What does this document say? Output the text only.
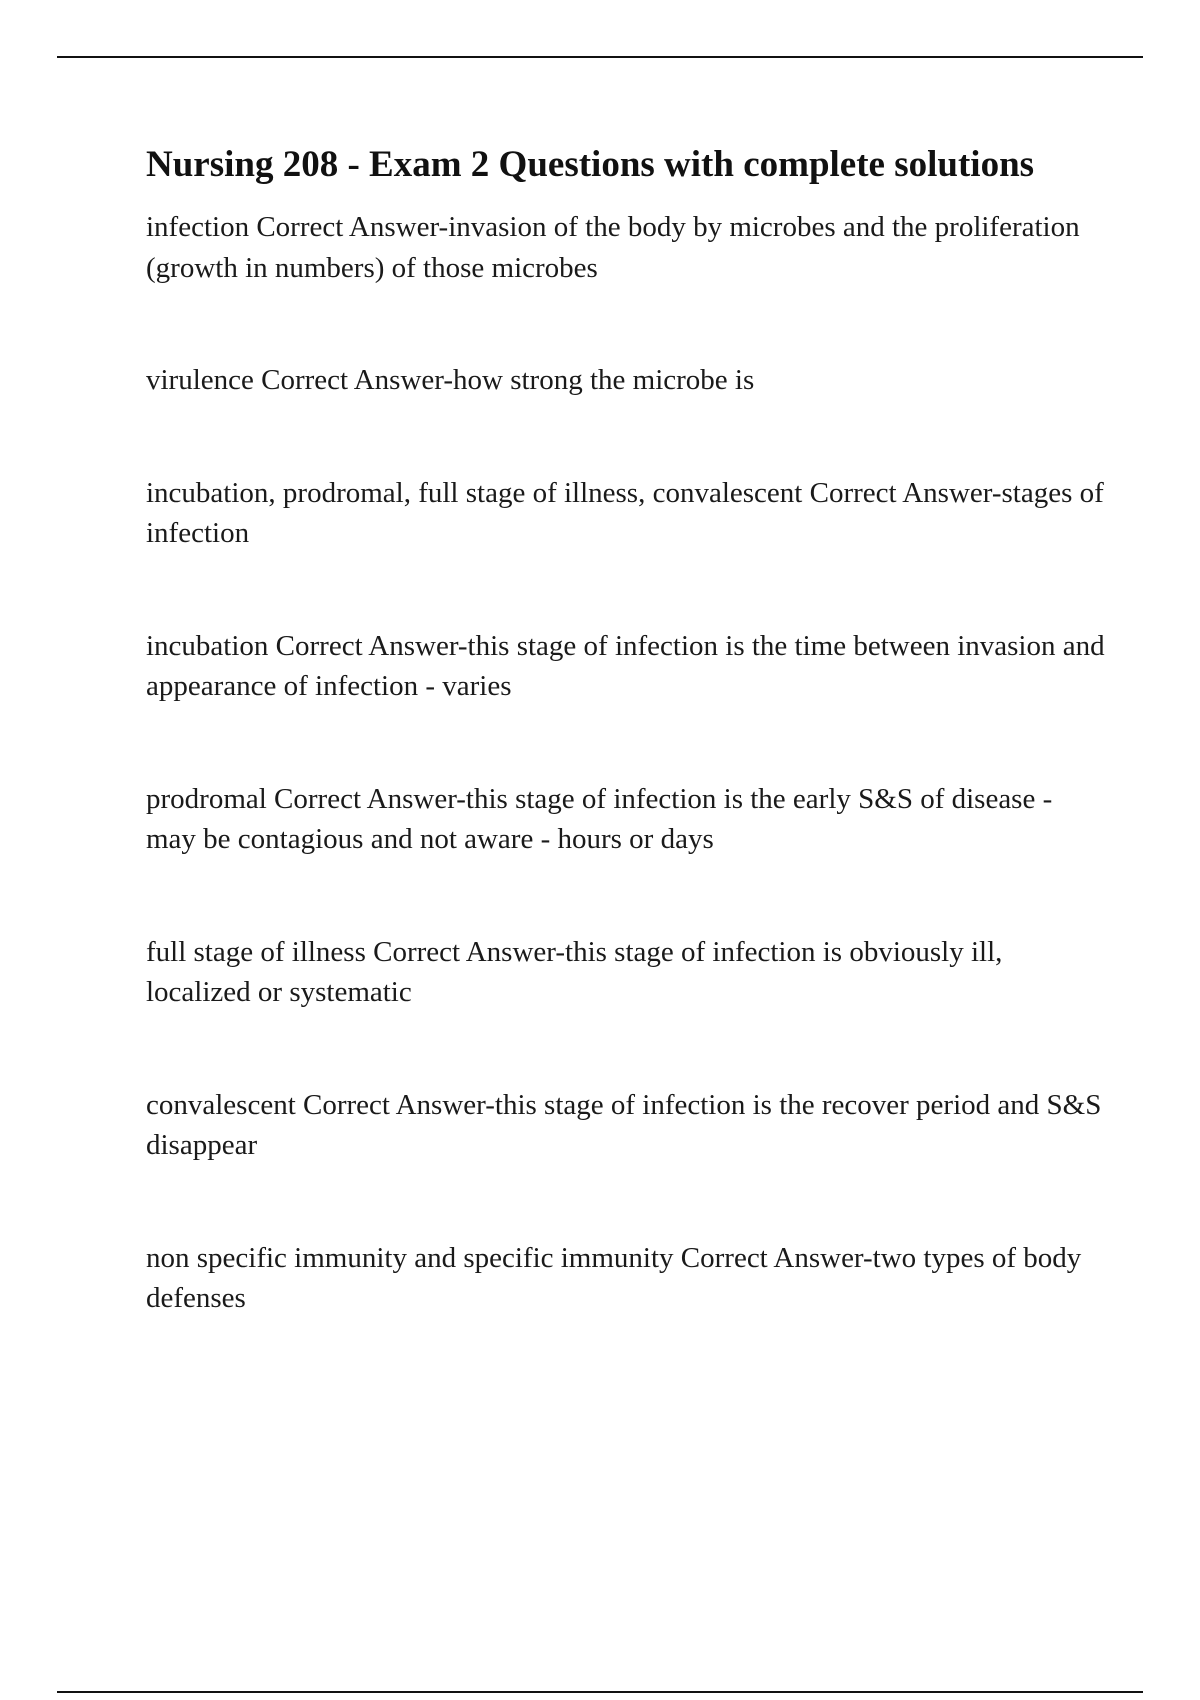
Nursing 208 - Exam 2 Questions with complete solutions
infection Correct Answer-invasion of the body by microbes and the proliferation (growth in numbers) of those microbes
virulence Correct Answer-how strong the microbe is
incubation, prodromal, full stage of illness, convalescent Correct Answer-stages of infection
incubation Correct Answer-this stage of infection is the time between invasion and appearance of infection - varies
prodromal Correct Answer-this stage of infection is the early S&S of disease - may be contagious and not aware - hours or days
full stage of illness Correct Answer-this stage of infection is obviously ill, localized or systematic
convalescent Correct Answer-this stage of infection is the recover period and S&S disappear
non specific immunity and specific immunity Correct Answer-two types of body defenses
